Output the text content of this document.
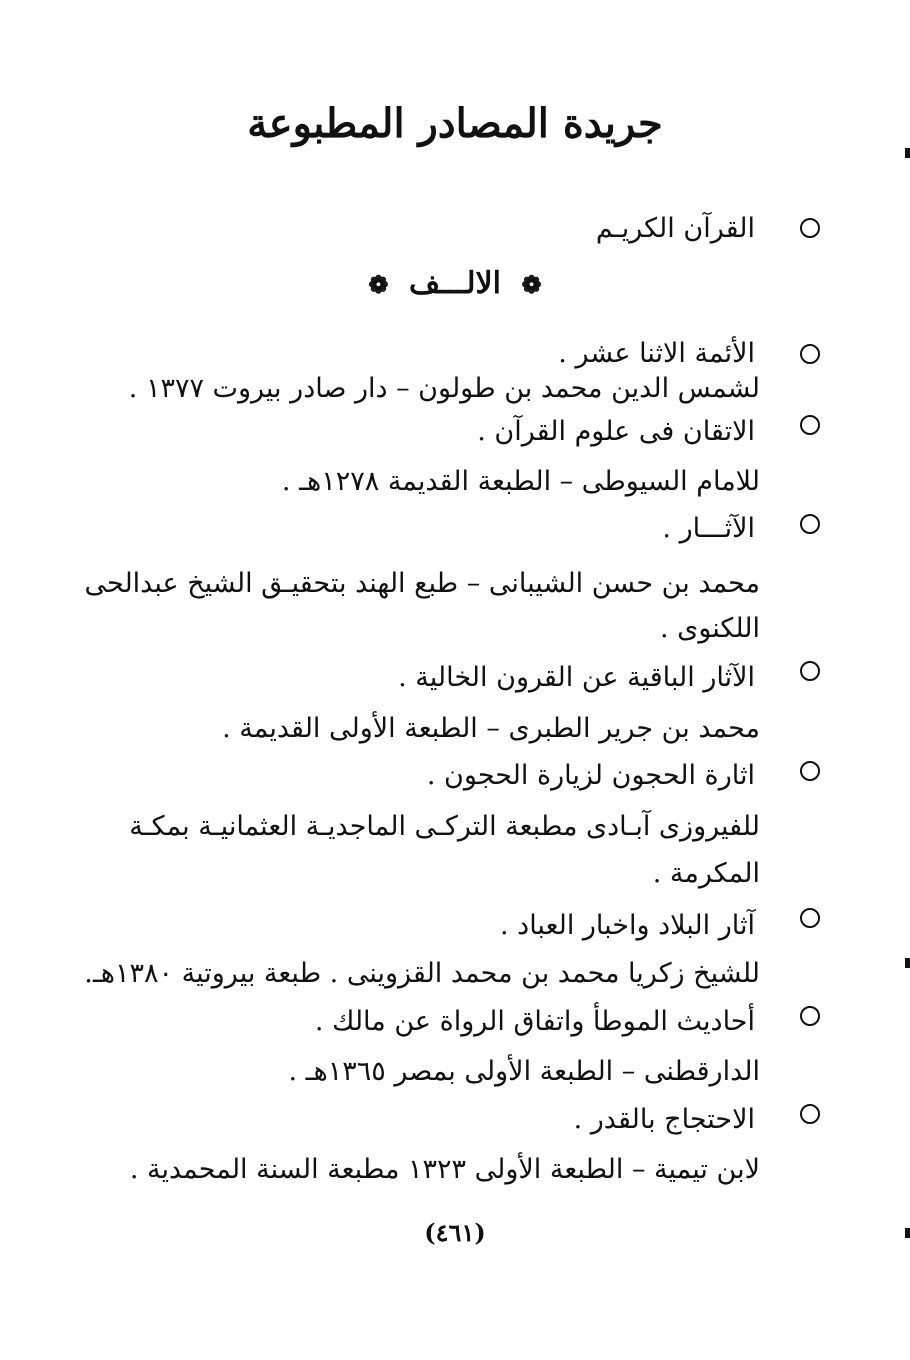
جريدة المصادر المطبوعة
القرآن الكريـم
❁ الالـــف ❁
الأئمة الاثنا عشر .
لشمس الدين محمد بن طولون – دار صادر بيروت ١٣٧٧ .
الاتقان فى علوم القرآن .
للامام السيوطى – الطبعة القديمة ١٢٧٨هـ .
الآثـــار .
محمد بن حسن الشيبانى – طبع الهند بتحقيـق الشيخ عبدالحى
اللكنوى .
الآثار الباقية عن القرون الخالية .
محمد بن جرير الطبرى – الطبعة الأولى القديمة .
اثارة الحجون لزيارة الحجون .
للفيروزى آبـادى مطبعة التركـى الماجديـة العثمانيـة بمكـة
المكرمة .
آثار البلاد واخبار العباد .
للشيخ زكريا محمد بن محمد القزوينى . طبعة بيروتية ١٣٨٠هـ.
أحاديث الموطأ واتفاق الرواة عن مالك .
الدارقطنى – الطبعة الأولى بمصر ١٣٦٥هـ .
الاحتجاج بالقدر .
لابن تيمية – الطبعة الأولى ١٣٢٣ مطبعة السنة المحمدية .
(٤٦١)
